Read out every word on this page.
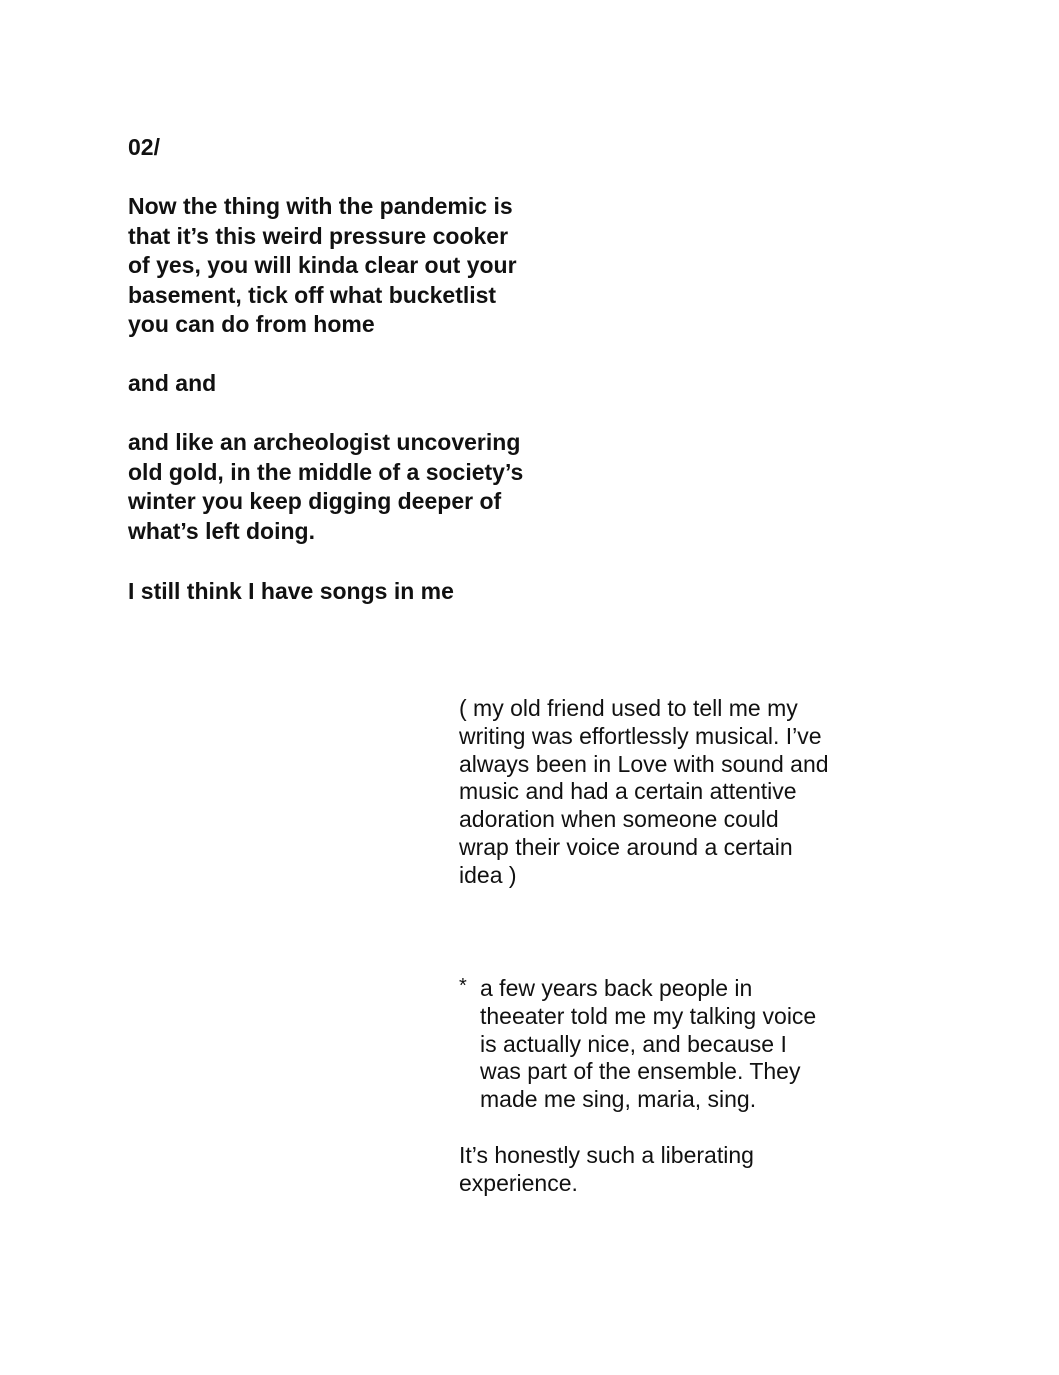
02/

Now the thing with the pandemic is
that it’s this weird pressure cooker
of yes, you will kinda clear out your
basement, tick off what bucketlist
you can do from home

and and

and like an archeologist uncovering
old gold, in the middle of a society’s
winter you keep digging deeper of
what’s left doing.

I still think I have songs in me

( my old friend used to tell me my
writing was effortlessly musical. I’ve
always been in Love with sound and
music and had a certain attentive
adoration when someone could
wrap their voice around a certain
idea )

* a few years back people in
theeater told me my talking voice
is actually nice, and because I
was part of the ensemble. They
made me sing, maria, sing.

It’s honestly such a liberating
experience.
